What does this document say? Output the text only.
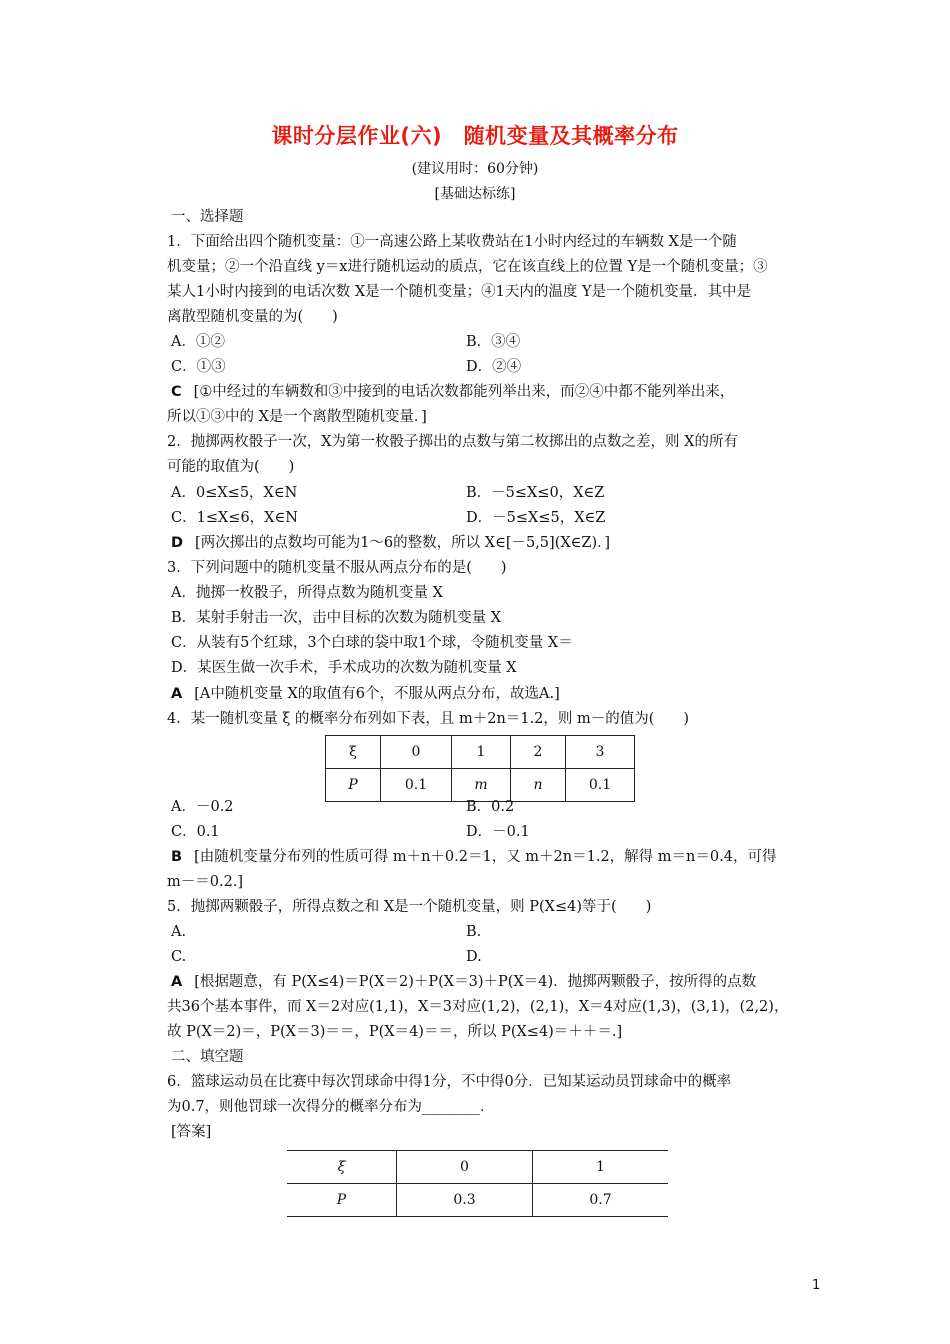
课时分层作业(六)　随机变量及其概率分布
(建议用时：60分钟)
[基础达标练]
一、选择题
1．下面给出四个随机变量：①一高速公路上某收费站在1小时内经过的车辆数 X是一个随
机变量；②一个沿直线 y＝x进行随机运动的质点，它在该直线上的位置 Y是一个随机变量；③
某人1小时内接到的电话次数 X是一个随机变量；④1天内的温度 Y是一个随机变量．其中是
离散型随机变量的为(　　)
A．①②	B．③④
C．①③	D．②④
C [①中经过的车辆数和③中接到的电话次数都能列举出来，而②④中都不能列举出来，
所以①③中的 X是一个离散型随机变量．]
2．抛掷两枚骰子一次，X为第一枚骰子掷出的点数与第二枚掷出的点数之差，则 X的所有
可能的取值为(　　)
A．0≤X≤5，X∈N	B．－5≤X≤0，X∈Z
C．1≤X≤6，X∈N	D．－5≤X≤5，X∈Z
D [两次掷出的点数均可能为1～6的整数，所以 X∈[－5,5](X∈Z)．]
3．下列问题中的随机变量不服从两点分布的是(　　)
A．抛掷一枚骰子，所得点数为随机变量 X
B．某射手射击一次，击中目标的次数为随机变量 X
C．从装有5个红球，3个白球的袋中取1个球，令随机变量 X＝
D．某医生做一次手术，手术成功的次数为随机变量 X
A [A中随机变量 X的取值有6个，不服从两点分布，故选A.]
4．某一随机变量 ξ 的概率分布列如下表，且 m＋2n＝1.2，则 m－的值为(　　)
ξ	0	1	2	3
P	0.1	m	n	0.1
A．－0.2	B．0.2
C．0.1	D．－0.1
B [由随机变量分布列的性质可得 m＋n＋0.2＝1，又 m＋2n＝1.2，解得 m＝n＝0.4，可得
m－＝0.2.]
5．抛掷两颗骰子，所得点数之和 X是一个随机变量，则 P(X≤4)等于(　　)
A.	B.
C.	D.
A [根据题意，有 P(X≤4)＝P(X＝2)＋P(X＝3)＋P(X＝4)．抛掷两颗骰子，按所得的点数
共36个基本事件，而 X＝2对应(1,1)，X＝3对应(1,2)，(2,1)，X＝4对应(1,3)，(3,1)，(2,2)，
故 P(X＝2)＝，P(X＝3)＝＝，P(X＝4)＝＝，所以 P(X≤4)＝＋＋＝.]
二、填空题
6．篮球运动员在比赛中每次罚球命中得1分，不中得0分．已知某运动员罚球命中的概率
为0.7，则他罚球一次得分的概率分布为________．
[答案]
ξ	0	1
P	0.3	0.7
1
